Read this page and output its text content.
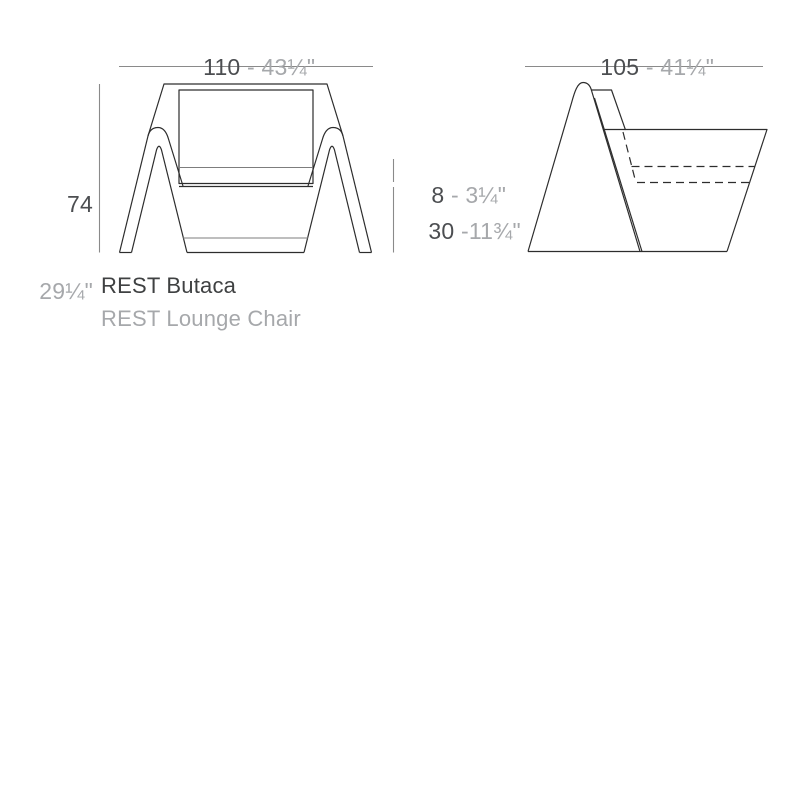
110 - 43¼"
	105 - 41¼"

74

29¼"

8 - 3¼"

30 -11¾"

REST Butaca
REST Lounge Chair
